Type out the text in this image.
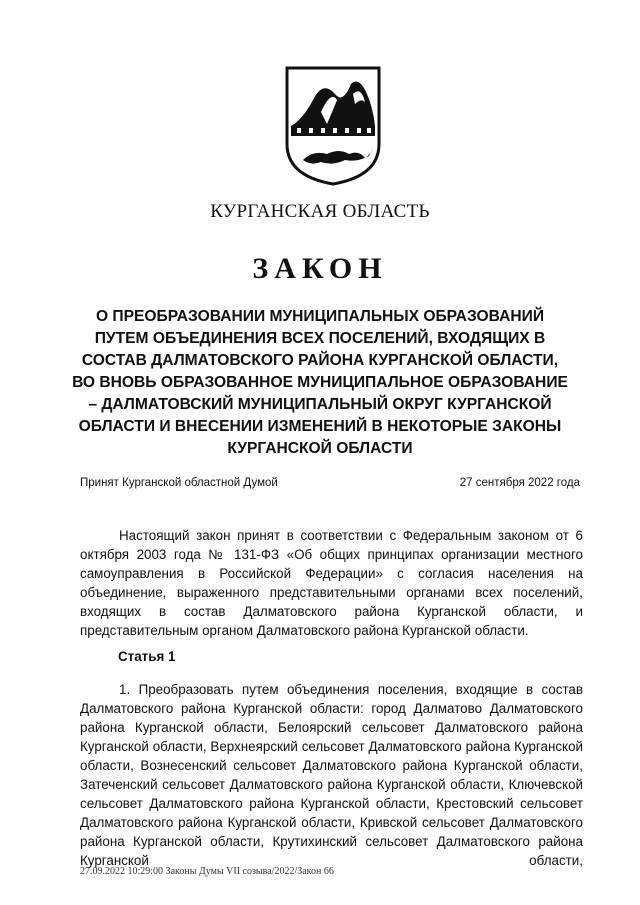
КУРГАНСКАЯ ОБЛАСТЬ
ЗАКОН
О ПРЕОБРАЗОВАНИИ МУНИЦИПАЛЬНЫХ ОБРАЗОВАНИЙ ПУТЕМ ОБЪЕДИНЕНИЯ ВСЕХ ПОСЕЛЕНИЙ, ВХОДЯЩИХ В СОСТАВ ДАЛМАТОВСКОГО РАЙОНА КУРГАНСКОЙ ОБЛАСТИ, ВО ВНОВЬ ОБРАЗОВАННОЕ МУНИЦИПАЛЬНОЕ ОБРАЗОВАНИЕ – ДАЛМАТОВСКИЙ МУНИЦИПАЛЬНЫЙ ОКРУГ КУРГАНСКОЙ ОБЛАСТИ И ВНЕСЕНИИ ИЗМЕНЕНИЙ В НЕКОТОРЫЕ ЗАКОНЫ КУРГАНСКОЙ ОБЛАСТИ
Принят Курганской областной Думой	27 сентября 2022 года

Настоящий закон принят в соответствии с Федеральным законом от 6 октября 2003 года № 131-ФЗ «Об общих принципах организации местного самоуправления в Российской Федерации» с согласия населения на объединение, выраженного представительными органами всех поселений, входящих в состав Далматовского района Курганской области, и представительным органом Далматовского района Курганской области.

Статья 1

1. Преобразовать путем объединения поселения, входящие в состав Далматовского района Курганской области: город Далматово Далматовского района Курганской области, Белоярский сельсовет Далматовского района Курганской области, Верхнеярский сельсовет Далматовского района Курганской области, Вознесенский сельсовет Далматовского района Курганской области, Затеченский сельсовет Далматовского района Курганской области, Ключевской сельсовет Далматовского района Курганской области, Крестовский сельсовет Далматовского района Курганской области, Кривской сельсовет Далматовского района Курганской области, Крутихинский сельсовет Далматовского района Курганской области,

27.09.2022 10:29:00 Законы Думы VII созыва/2022/Закон 66
